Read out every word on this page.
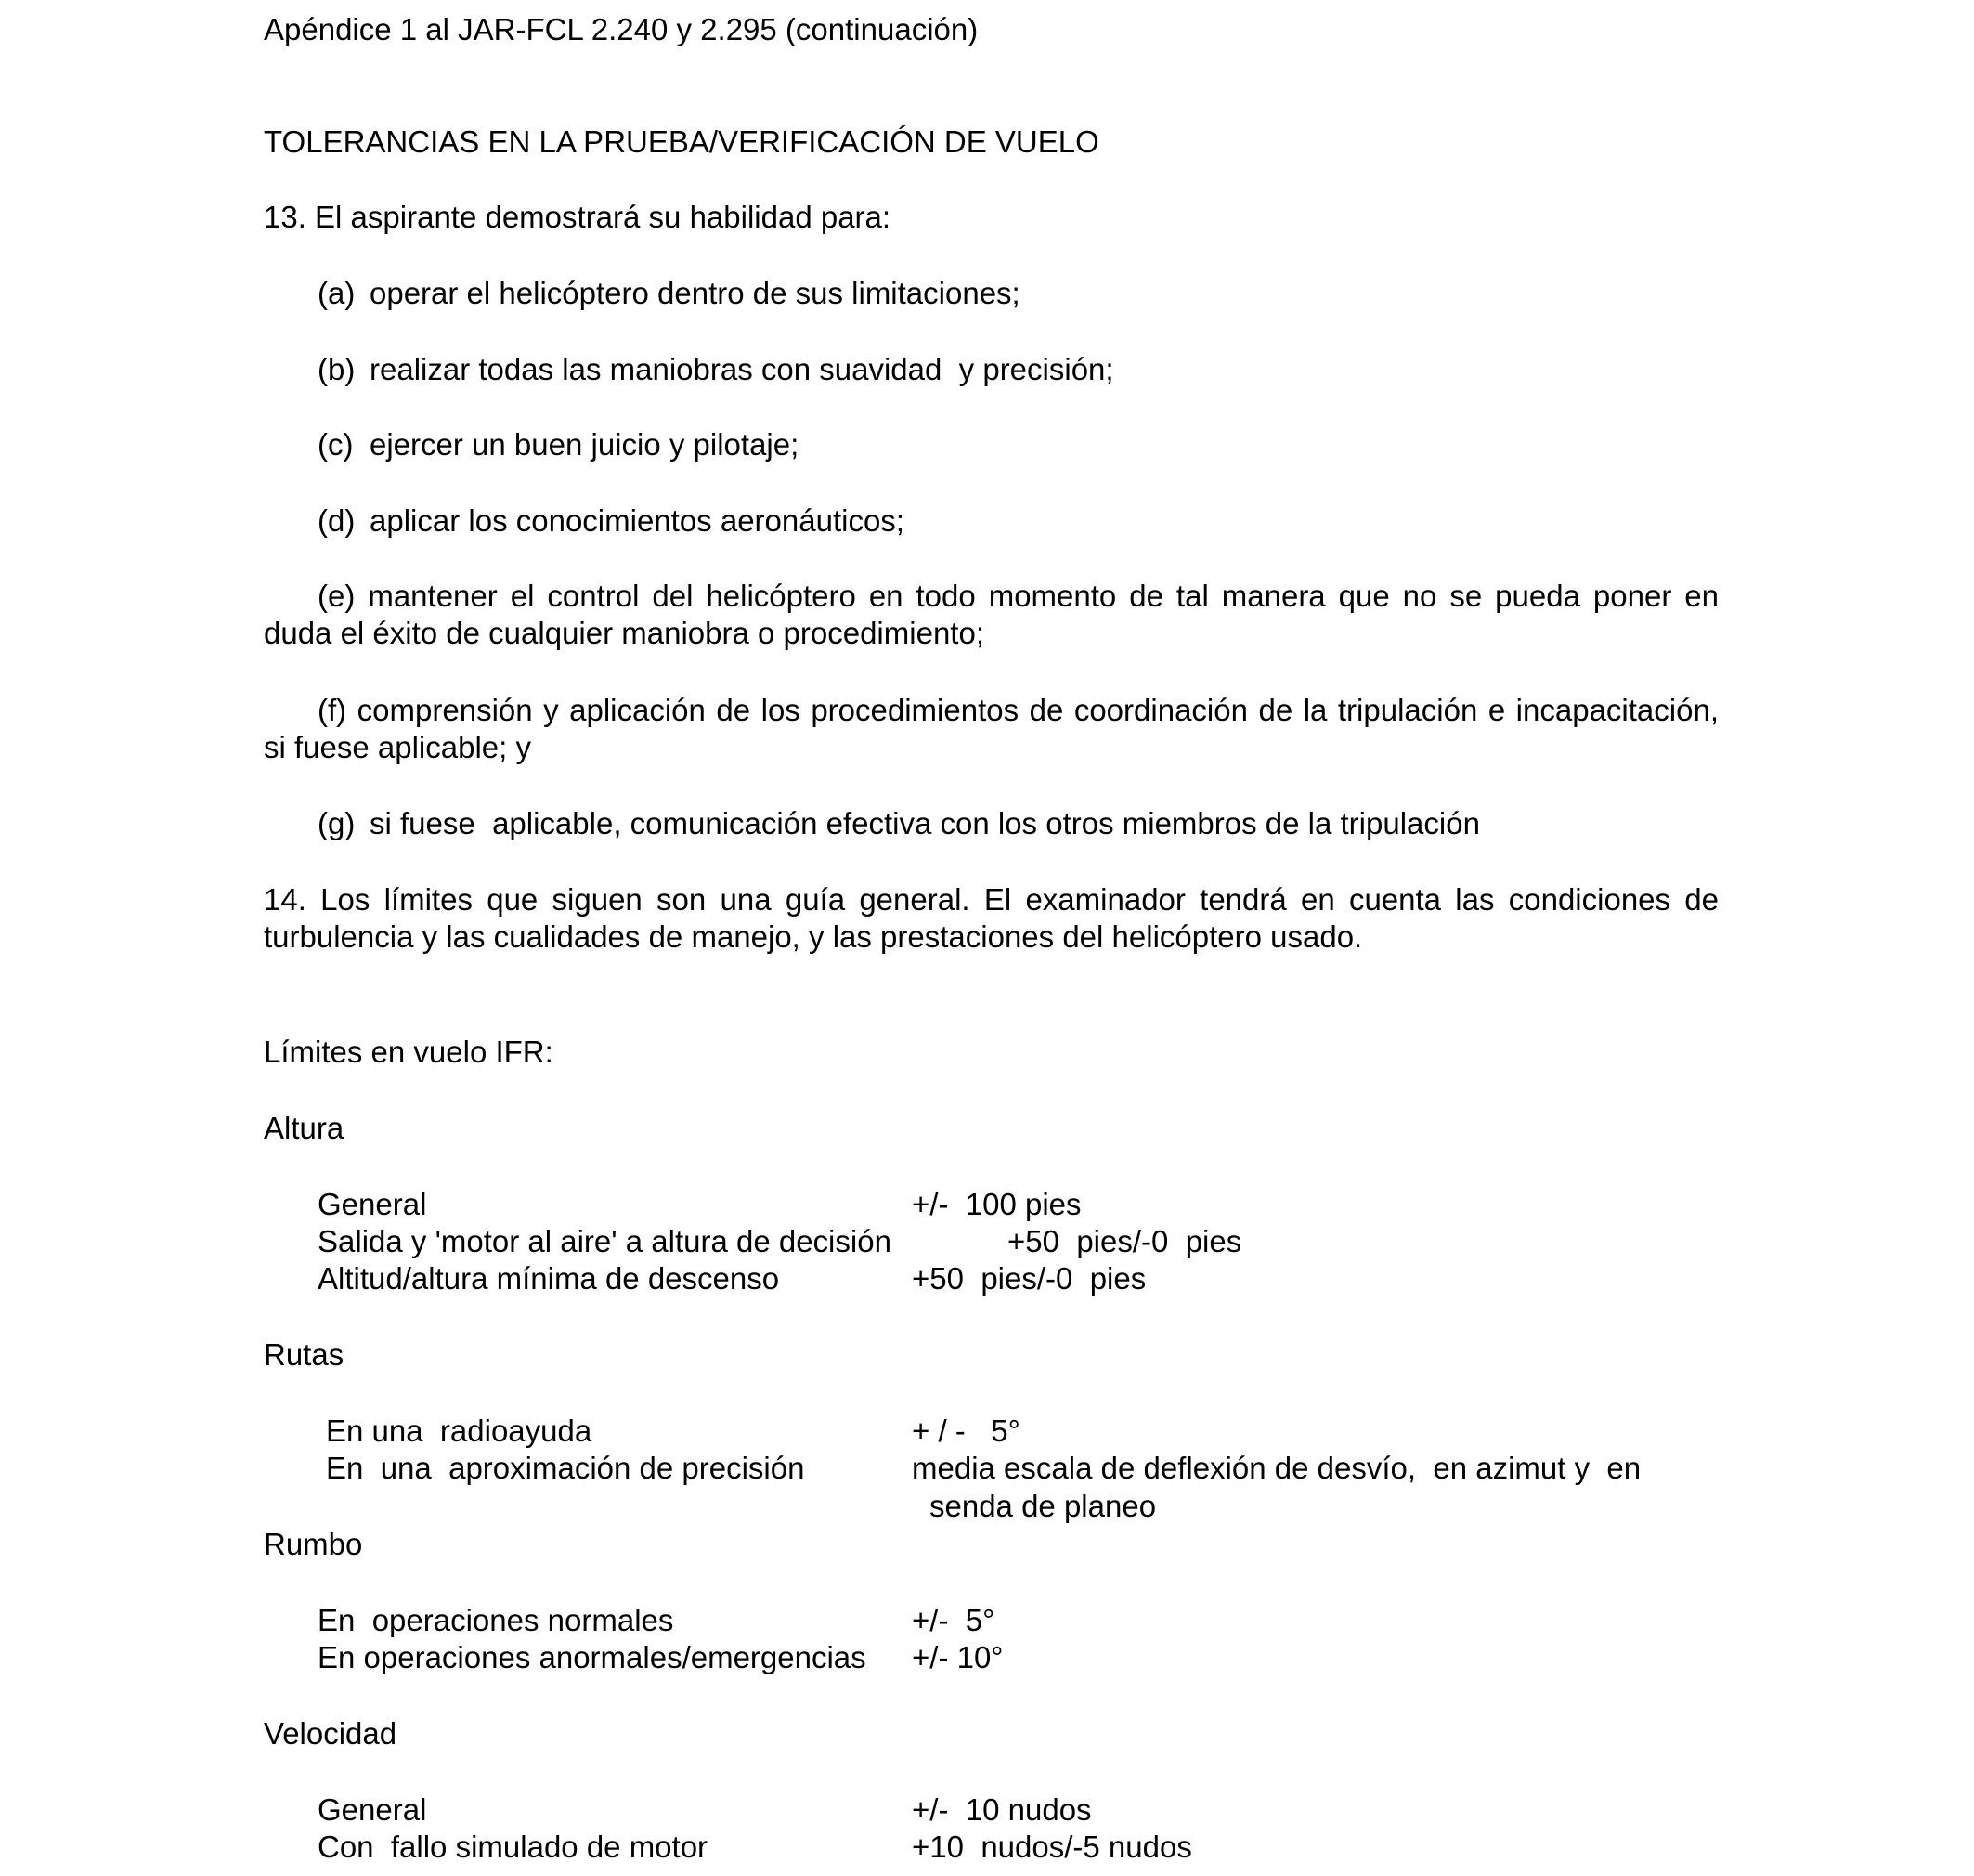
Apéndice 1 al JAR-FCL 2.240 y 2.295 (continuación)
TOLERANCIAS EN LA PRUEBA/VERIFICACIÓN DE VUELO
13. El aspirante demostrará su habilidad para:
(a) operar el helicóptero dentro de sus limitaciones;
(b) realizar todas las maniobras con suavidad  y precisión;
(c) ejercer un buen juicio y pilotaje;
(d) aplicar los conocimientos aeronáuticos;
(e) mantener el control del helicóptero en todo momento de tal manera que no se pueda poner en duda el éxito de cualquier maniobra o procedimiento;
(f) comprensión y aplicación de los procedimientos de coordinación de la tripulación e incapacitación, si fuese aplicable; y
(g) si fuese  aplicable, comunicación efectiva con los otros miembros de la tripulación
14. Los límites que siguen son una guía general. El examinador tendrá en cuenta las condiciones de turbulencia y las cualidades de manejo, y las prestaciones del helicóptero usado.
Límites en vuelo IFR:
Altura
General	+/-  100 pies
Salida y 'motor al aire' a altura de decisión	+50  pies/-0  pies
Altitud/altura mínima de descenso	+50  pies/-0  pies
Rutas
En una  radioayuda	+ / -   5°
En  una  aproximación de precisión	media escala de deflexión de desvío,  en azimut y  en
senda de planeo
Rumbo
En  operaciones normales	+/-  5°
En operaciones anormales/emergencias +/- 10°
Velocidad
General	+/-  10 nudos
Con  fallo simulado de motor	+10  nudos/-5 nudos
